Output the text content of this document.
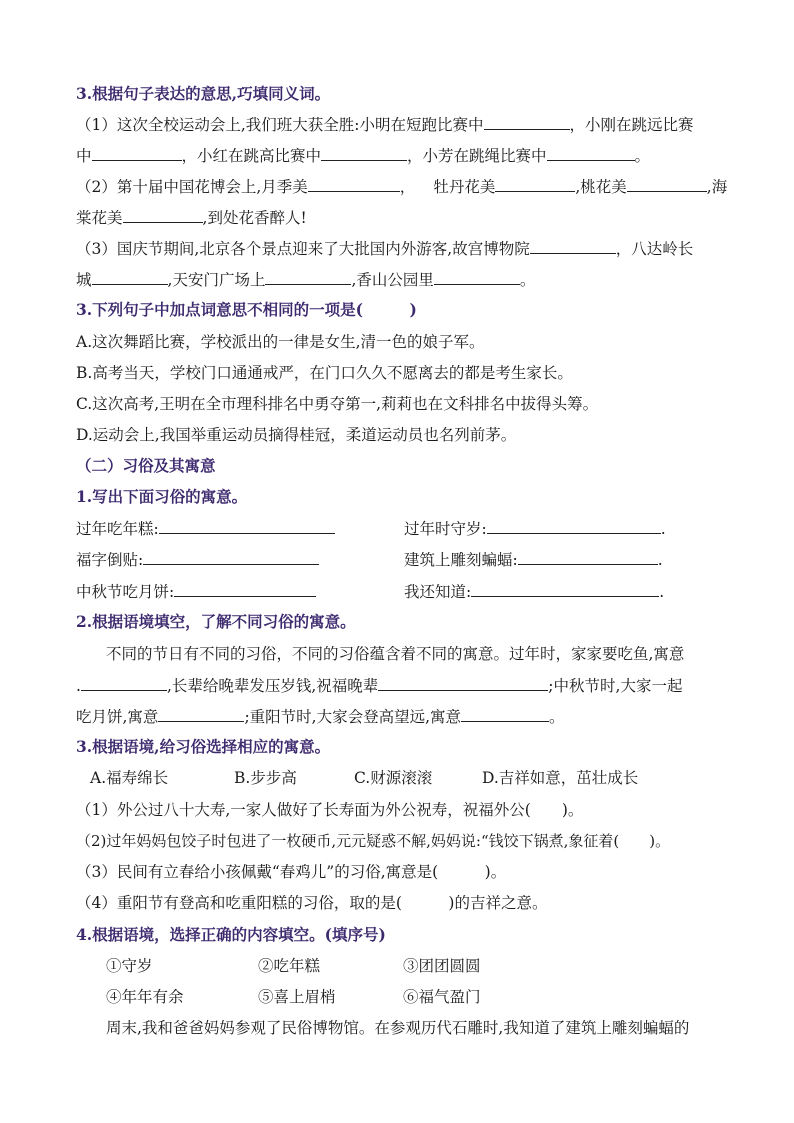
3.根据句子表达的意思,巧填同义词。
（1）这次全校运动会上,我们班大获全胜:小明在短跑比赛中	，小刚在跳远比赛
中	，小红在跳高比赛中	，小芳在跳绳比赛中	。
（2）第十届中国花博会上,月季美	， 牡丹花美	,桃花美	,海
棠花美	,到处花香醉人!
（3）国庆节期间,北京各个景点迎来了大批国内外游客,故宫博物院	，八达岭长
城	,天安门广场上	,香山公园里	。
3.下列句子中加点词意思不相同的一项是(　　　)
A.这次舞蹈比赛，学校派出的一律是女生,清一色的娘子军。
B.高考当天，学校门口通通戒严，在门口久久不愿离去的都是考生家长。
C.这次高考,王明在全市理科排名中勇夺第一,莉莉也在文科排名中拔得头筹。
D.运动会上,我国举重运动员摘得桂冠，柔道运动员也名列前茅。
（二）习俗及其寓意
1.写出下面习俗的寓意。
过年吃年糕:	过年时守岁:	.
福字倒贴:	建筑上雕刻蝙蝠:	.
中秋节吃月饼:	我还知道:	.
2.根据语境填空，了解不同习俗的寓意。
不同的节日有不同的习俗，不同的习俗蕴含着不同的寓意。过年时，家家要吃鱼,寓意
.	,长辈给晚辈发压岁钱,祝福晚辈	;中秋节时,大家一起
吃月饼,寓意	;重阳节时,大家会登高望远,寓意	。
3.根据语境,给习俗选择相应的寓意。
A.福寿绵长	B.步步高	C.财源滚滚	D.吉祥如意，茁壮成长
（1）外公过八十大寿,一家人做好了长寿面为外公祝寿，祝福外公(　　)。
（2)过年妈妈包饺子时包进了一枚硬币,元元疑惑不解,妈妈说:“钱饺下锅煮,象征着(　　)。
（3）民间有立春给小孩佩戴“春鸡儿”的习俗,寓意是(　　　)。
（4）重阳节有登高和吃重阳糕的习俗，取的是(　　　)的吉祥之意。
4.根据语境，选择正确的内容填空。(填序号)
①守岁	②吃年糕	③团团圆圆
④年年有余	⑤喜上眉梢	⑥福气盈门
周末,我和爸爸妈妈参观了民俗博物馆。在参观历代石雕时,我知道了建筑上雕刻蝙蝠的
